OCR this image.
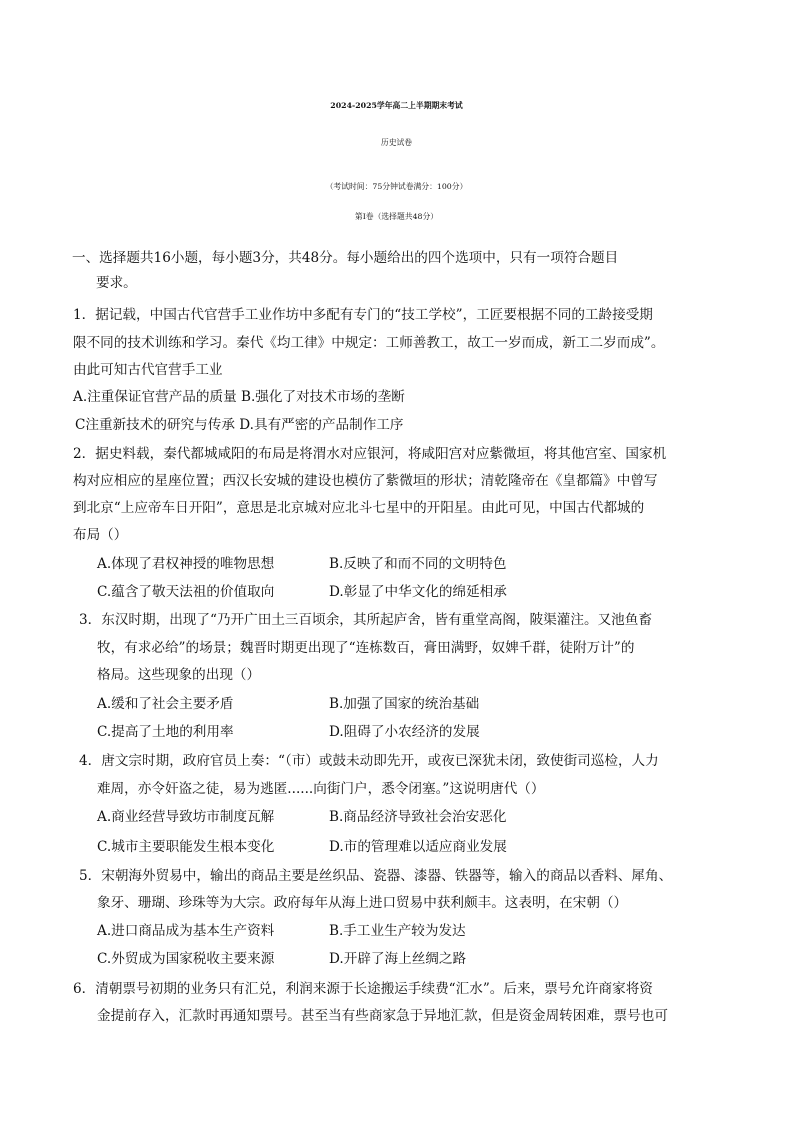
2024-2025学年高二上半期期末考试
历史试卷
（考试时间：75分钟试卷满分：100分）
第I卷（选择题共48分）
一、选择题共16小题，每小题3分，共48分。每小题给出的四个选项中，只有一项符合题目
要求。
1．据记载，中国古代官营手工业作坊中多配有专门的“技工学校”，工匠要根据不同的工龄接受期
限不同的技术训练和学习。秦代《均工律》中规定：工师善教工，故工一岁而成，新工二岁而成”。
由此可知古代官营手工业
A.注重保证官营产品的质量 B.强化了对技术市场的垄断
C注重新技术的研究与传承 D.具有严密的产品制作工序
2．据史料载，秦代都城咸阳的布局是将渭水对应银河，将咸阳宫对应紫微垣，将其他宫室、国家机
构对应相应的星座位置；西汉长安城的建设也模仿了紫微垣的形状；清乾隆帝在《皇都篇》中曾写
到北京“上应帝车日开阳”，意思是北京城对应北斗七星中的开阳星。由此可见，中国古代都城的
布局（）
A.体现了君权神授的唯物思想	B.反映了和而不同的文明特色
C.蕴含了敬天法祖的价值取向	D.彰显了中华文化的绵延相承
3．东汉时期，出现了“乃开广田土三百顷余，其所起庐舍，皆有重堂高阁，陂渠灌注。又池鱼畜
牧，有求必给”的场景；魏晋时期更出现了“连栋数百，膏田满野，奴婢千群，徒附万计”的
格局。这些现象的出现（）
A.缓和了社会主要矛盾	B.加强了国家的统治基础
C.提高了土地的利用率	D.阻碍了小农经济的发展
4．唐文宗时期，政府官员上奏：“（市）或鼓未动即先开，或夜已深犹未闭，致使街司巡检，人力
难周，亦令奸盗之徒，易为逃匿......向街门户，悉令闭塞。”这说明唐代（）
A.商业经营导致坊市制度瓦解	B.商品经济导致社会治安恶化
C.城市主要职能发生根本变化	D.市的管理难以适应商业发展
5．宋朝海外贸易中，输出的商品主要是丝织品、瓷器、漆器、铁器等，输入的商品以香料、犀角、
象牙、珊瑚、珍珠等为大宗。政府每年从海上进口贸易中获利颇丰。这表明，在宋朝（）
A.进口商品成为基本生产资料	B.手工业生产较为发达
C.外贸成为国家税收主要来源	D.开辟了海上丝绸之路
6．清朝票号初期的业务只有汇兑，利润来源于长途搬运手续费“汇水”。后来，票号允许商家将资
金提前存入，汇款时再通知票号。甚至当有些商家急于异地汇款，但是资金周转困难，票号也可
